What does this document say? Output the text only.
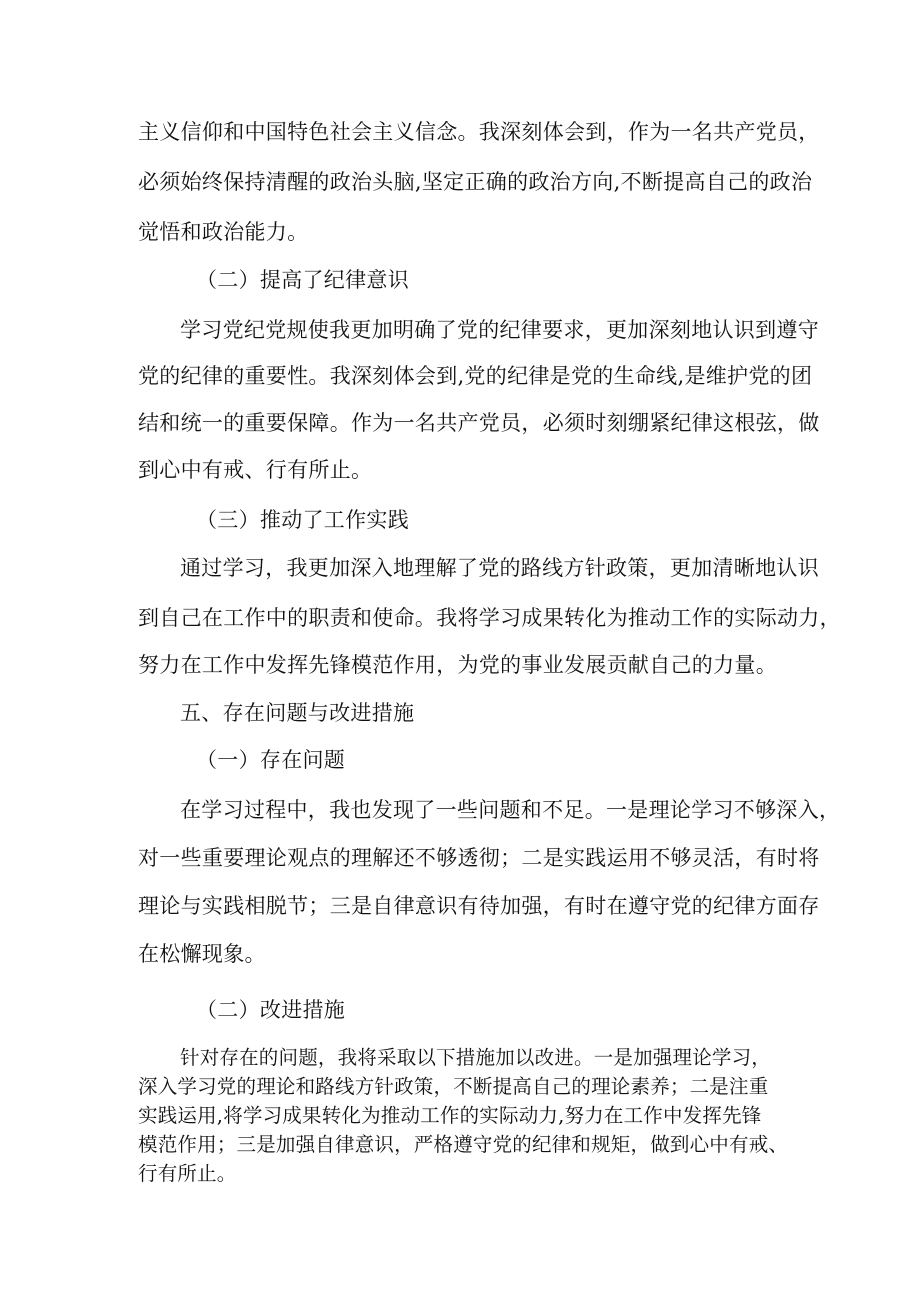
主义信仰和中国特色社会主义信念。我深刻体会到，作为一名共产党员，
必须始终保持清醒的政治头脑,坚定正确的政治方向,不断提高自己的政治
觉悟和政治能力。
（二）提高了纪律意识
学习党纪党规使我更加明确了党的纪律要求，更加深刻地认识到遵守
党的纪律的重要性。我深刻体会到,党的纪律是党的生命线,是维护党的团
结和统一的重要保障。作为一名共产党员，必须时刻绷紧纪律这根弦，做
到心中有戒、行有所止。
（三）推动了工作实践
通过学习，我更加深入地理解了党的路线方针政策，更加清晰地认识
到自己在工作中的职责和使命。我将学习成果转化为推动工作的实际动力，
努力在工作中发挥先锋模范作用，为党的事业发展贡献自己的力量。
五、存在问题与改进措施
（一）存在问题
在学习过程中，我也发现了一些问题和不足。一是理论学习不够深入，
对一些重要理论观点的理解还不够透彻；二是实践运用不够灵活，有时将
理论与实践相脱节；三是自律意识有待加强，有时在遵守党的纪律方面存
在松懈现象。
（二）改进措施
针对存在的问题，我将采取以下措施加以改进。一是加强理论学习，
深入学习党的理论和路线方针政策，不断提高自己的理论素养；二是注重
实践运用,将学习成果转化为推动工作的实际动力,努力在工作中发挥先锋
模范作用；三是加强自律意识，严格遵守党的纪律和规矩，做到心中有戒、
行有所止。
